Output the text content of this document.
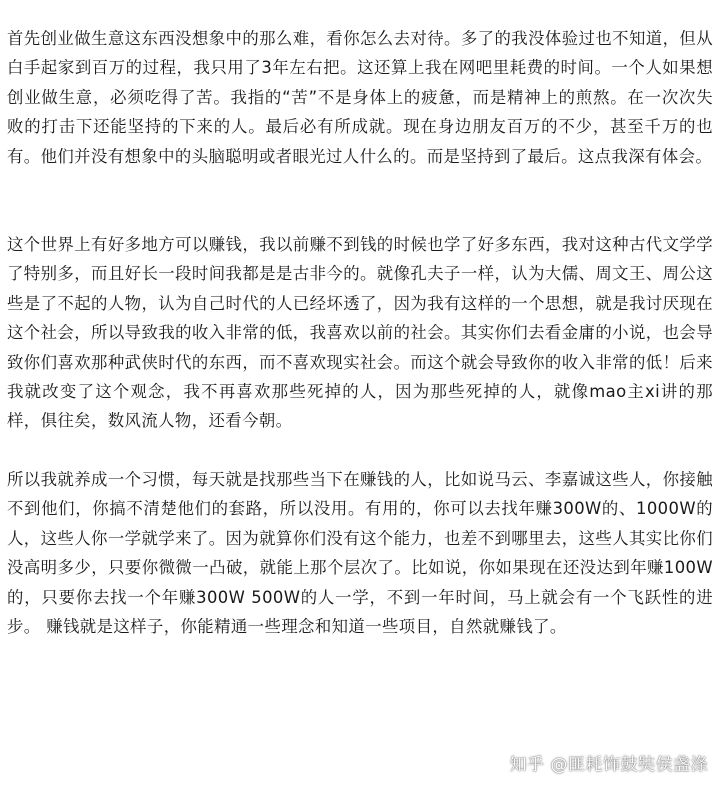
首先创业做生意这东西没想象中的那么难，看你怎么去对待。多了的我没体验过也不知道，但从白手起家到百万的过程，我只用了3年左右把。这还算上我在网吧里耗费的时间。一个人如果想创业做生意，必须吃得了苦。我指的“苦”不是身体上的疲惫，而是精神上的煎熬。在一次次失败的打击下还能坚持的下来的人。最后必有所成就。现在身边朋友百万的不少，甚至千万的也有。他们并没有想象中的头脑聪明或者眼光过人什么的。而是坚持到了最后。这点我深有体会。

这个世界上有好多地方可以赚钱，我以前赚不到钱的时候也学了好多东西，我对这种古代文学学了特别多，而且好长一段时间我都是是古非今的。就像孔夫子一样，认为大儒、周文王、周公这些是了不起的人物，认为自己时代的人已经坏透了，因为我有这样的一个思想，就是我讨厌现在这个社会，所以导致我的收入非常的低，我喜欢以前的社会。其实你们去看金庸的小说，也会导致你们喜欢那种武侠时代的东西，而不喜欢现实社会。而这个就会导致你的收入非常的低！后来我就改变了这个观念，我不再喜欢那些死掉的人，因为那些死掉的人，就像mao主xi讲的那样，俱往矣，数风流人物，还看今朝。

所以我就养成一个习惯，每天就是找那些当下在赚钱的人，比如说马云、李嘉诚这些人，你接触不到他们，你搞不清楚他们的套路，所以没用。有用的，你可以去找年赚300W的、1000W的人，这些人你一学就学来了。因为就算你们没有这个能力，也差不到哪里去，这些人其实比你们没高明多少，只要你微微一凸破，就能上那个层次了。比如说，你如果现在还没达到年赚100W的，只要你去找一个年赚300W 500W的人一学，不到一年时间，马上就会有一个飞跃性的进步。 赚钱就是这样子，你能精通一些理念和知道一些项目，自然就赚钱了。

知乎 @匪耗饰鼓奘侯盏涤
